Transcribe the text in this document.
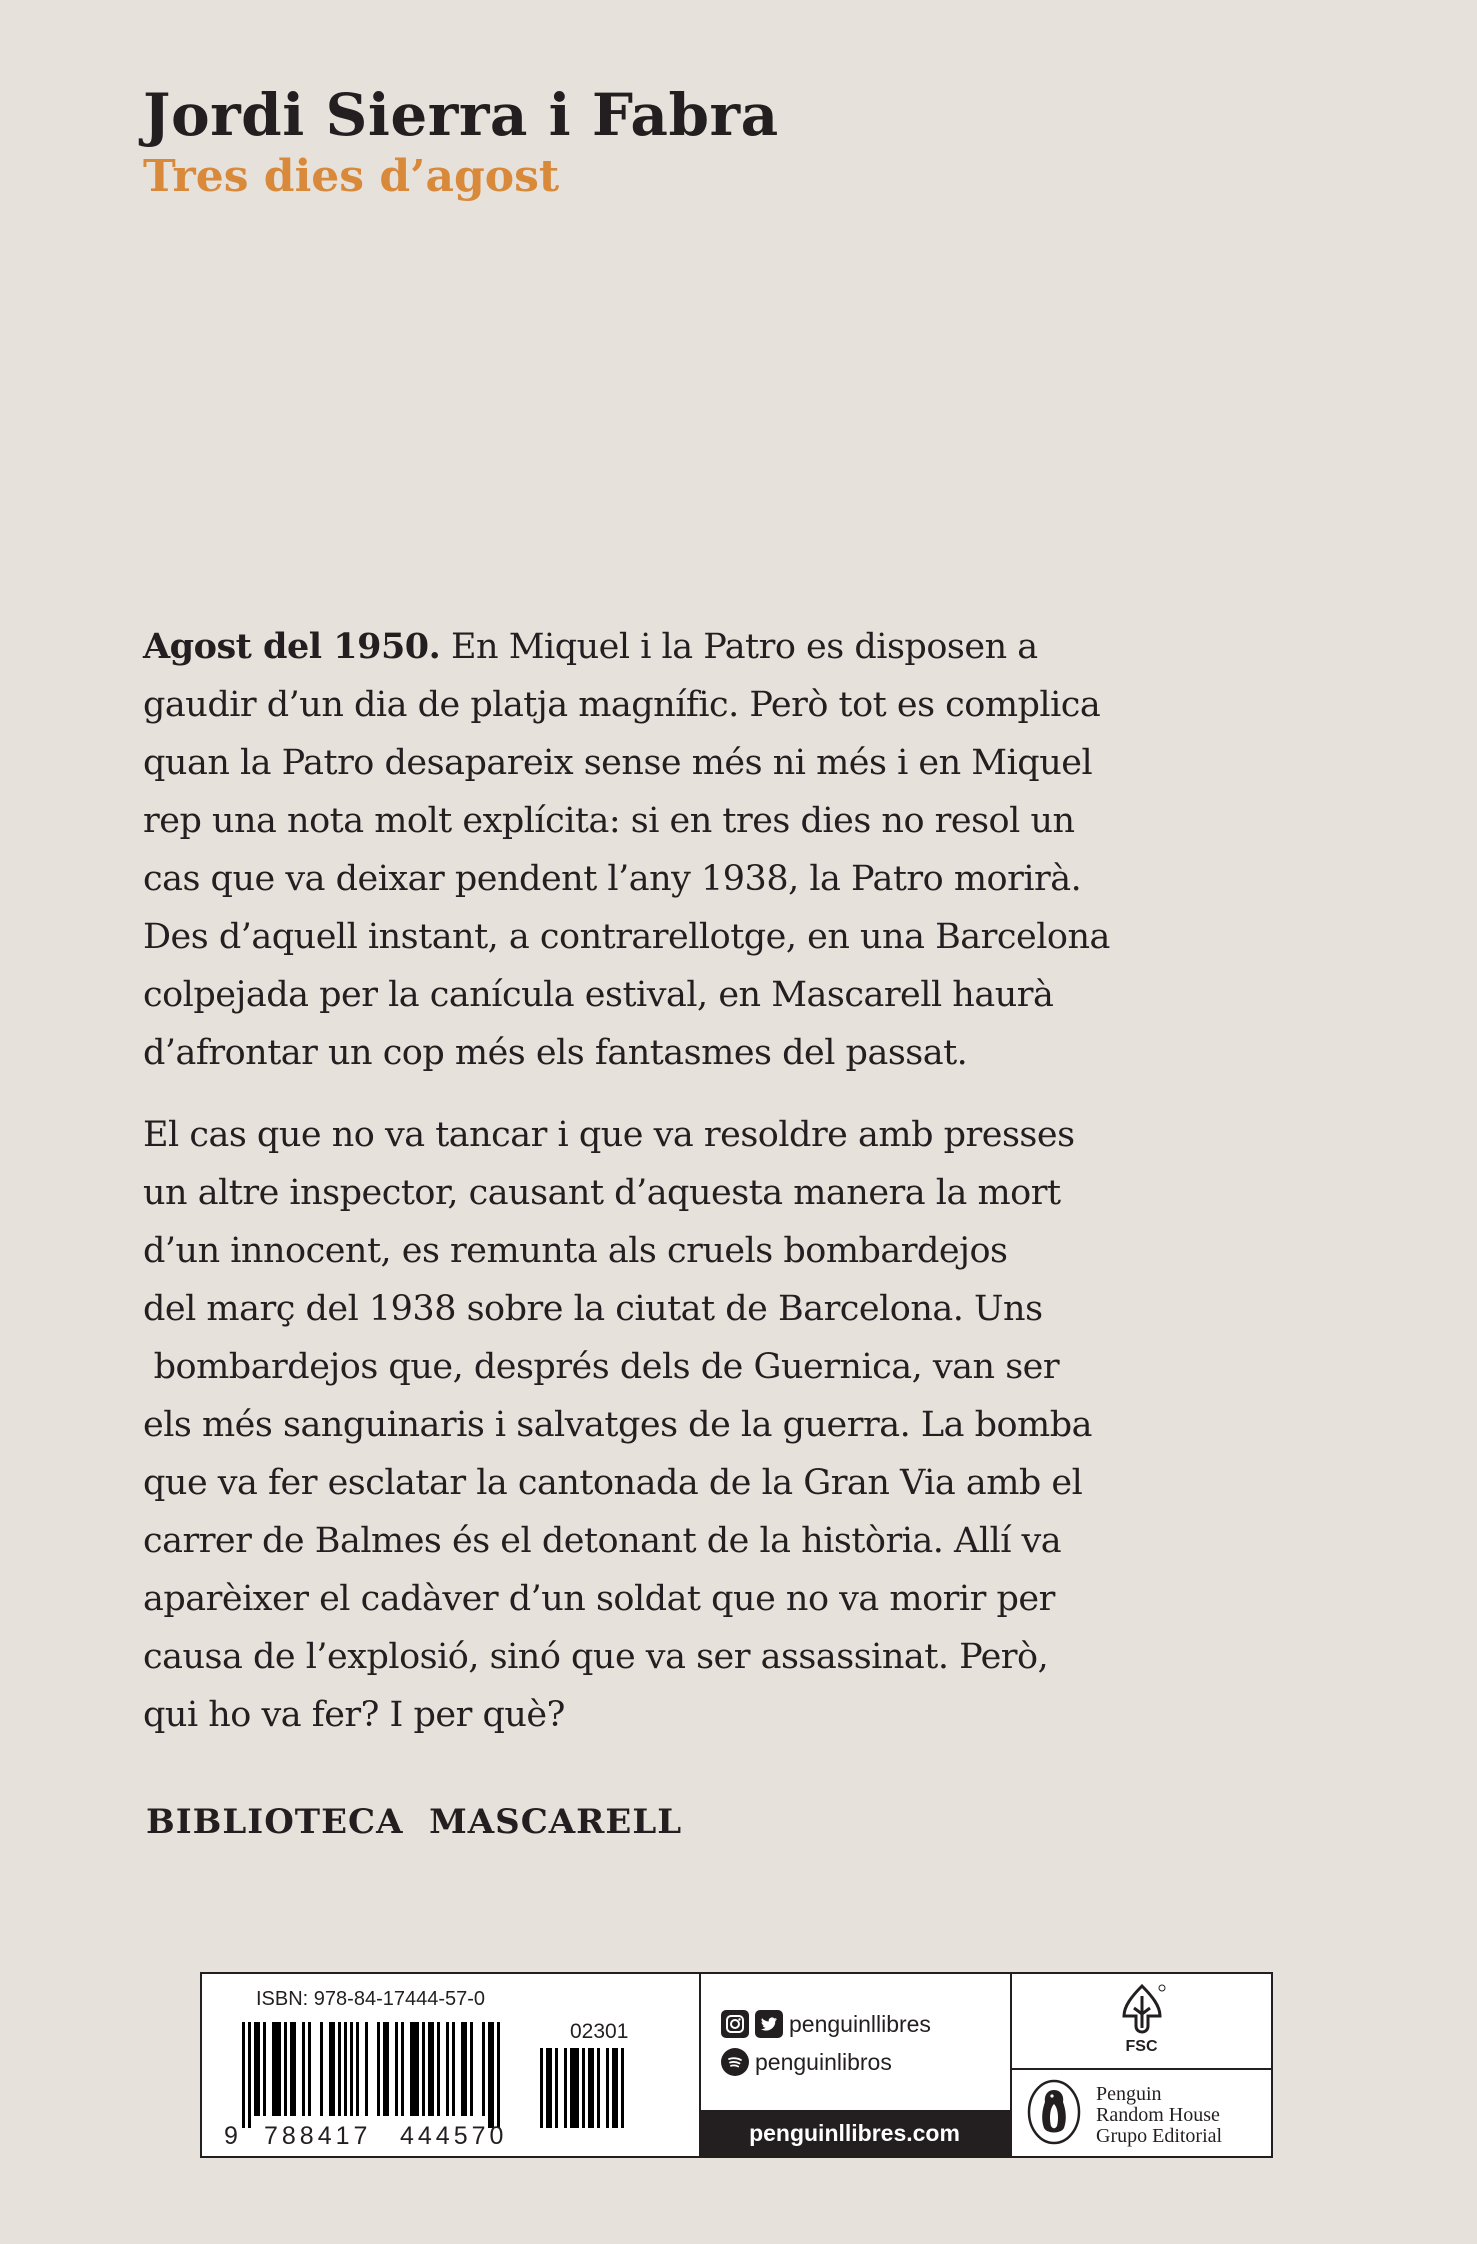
Jordi Sierra i Fabra
Tres dies d’agost

Agost del 1950. En Miquel i la Patro es disposen a
gaudir d’un dia de platja magnífic. Però tot es complica
quan la Patro desapareix sense més ni més i en Miquel
rep una nota molt explícita: si en tres dies no resol un
cas que va deixar pendent l’any 1938, la Patro morirà.
Des d’aquell instant, a contrarellotge, en una Barcelona
colpejada per la canícula estival, en Mascarell haurà
d’afrontar un cop més els fantasmes del passat.

El cas que no va tancar i que va resoldre amb presses
un altre inspector, causant d’aquesta manera la mort
d’un innocent, es remunta als cruels bombardejos
del març del 1938 sobre la ciutat de Barcelona. Uns
bombardejos que, després dels de Guernica, van ser
els més sanguinaris i salvatges de la guerra. La bomba
que va fer esclatar la cantonada de la Gran Via amb el
carrer de Balmes és el detonant de la història. Allí va
aparèixer el cadàver d’un soldat que no va morir per
causa de l’explosió, sinó que va ser assassinat. Però,
qui ho va fer? I per què?

BIBLIOTECA  MASCARELL
ISBN: 978-84-17444-57-0
02301
9 788417 444570
penguinllibres
penguinlibros
penguinllibres.com
FSC
Penguin
Random House
Grupo Editorial
